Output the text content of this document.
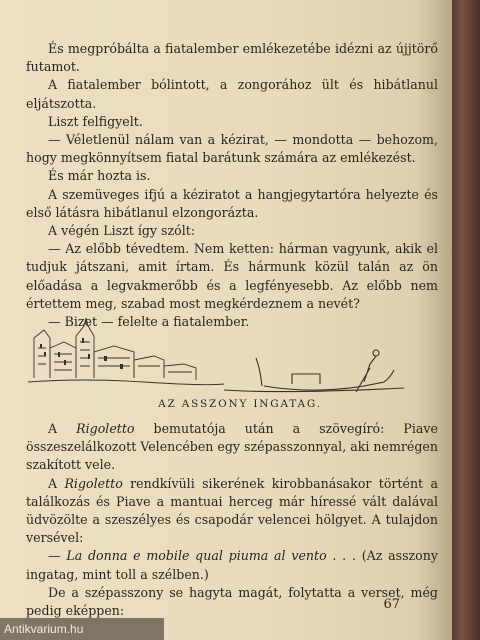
És megpróbálta a fiatalember emlékezetébe idézni az újjtörő futamot.

A fiatalember bólintott, a zongorához ült és hibátlanul eljátszotta.

Liszt felfigyelt.

— Véletlenül nálam van a kézirat, — mondotta — behozom, hogy megkönnyítsem fiatal barátunk számára az emlékezést.

És már hozta is.

A szemüveges ifjú a kéziratot a hangjegytartóra helyezte és első látásra hibátlanul elzongorázta.

A végén Liszt így szólt:

— Az előbb tévedtem. Nem ketten: hárman vagyunk, akik el tudjuk játszani, amit írtam. És hármunk közül talán az ön előadása a legvakmerőbb és a legfényesebb. Az előbb nem értettem meg, szabad most megkérdeznem a nevét?

— Bizet — felelte a fiatalember.

AZ ASSZONY INGATAG.

A Rigoletto bemutatója után a szövegíró: Piave összeszelálkozott Velencében egy szépasszonnyal, aki nemrégen szakított vele.

A Rigoletto rendkívüli sikerének kirobbanásakor történt a találkozás és Piave a mantuai herceg már híressé vált dalával üdvözölte a szeszélyes és csapodár velencei hölgyet. A tulajdon versével:

— La donna e mobile qual piuma al vento . . . (Az asszony ingatag, mint toll a szélben.)

De a szépasszony se hagyta magát, folytatta a verset, még pedig eképpen:	67
Antikvarium.hu
